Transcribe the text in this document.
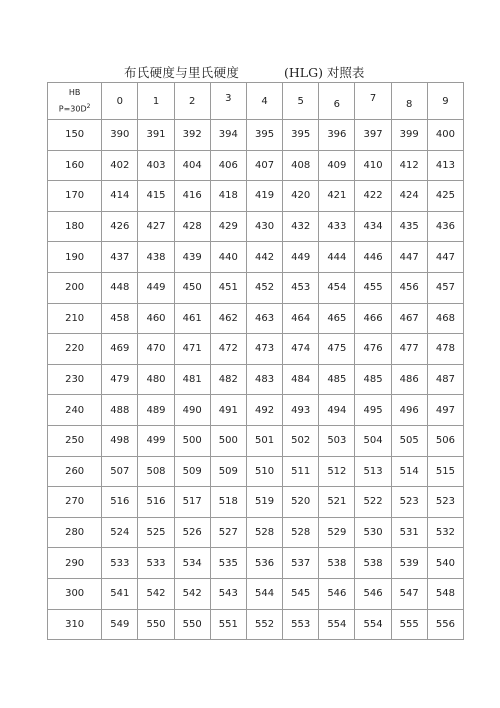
布氏硬度与里氏硬度	(HLG) 对照表
HB
$P=30D^2$	0	1	2	3	4	5	6	7	8	9
150	390	391	392	394	395	395	396	397	399	400
160	402	403	404	406	407	408	409	410	412	413
170	414	415	416	418	419	420	421	422	424	425
180	426	427	428	429	430	432	433	434	435	436
190	437	438	439	440	442	449	444	446	447	447
200	448	449	450	451	452	453	454	455	456	457
210	458	460	461	462	463	464	465	466	467	468
220	469	470	471	472	473	474	475	476	477	478
230	479	480	481	482	483	484	485	485	486	487
240	488	489	490	491	492	493	494	495	496	497
250	498	499	500	500	501	502	503	504	505	506
260	507	508	509	509	510	511	512	513	514	515
270	516	516	517	518	519	520	521	522	523	523
280	524	525	526	527	528	528	529	530	531	532
290	533	533	534	535	536	537	538	538	539	540
300	541	542	542	543	544	545	546	546	547	548
310	549	550	550	551	552	553	554	554	555	556
